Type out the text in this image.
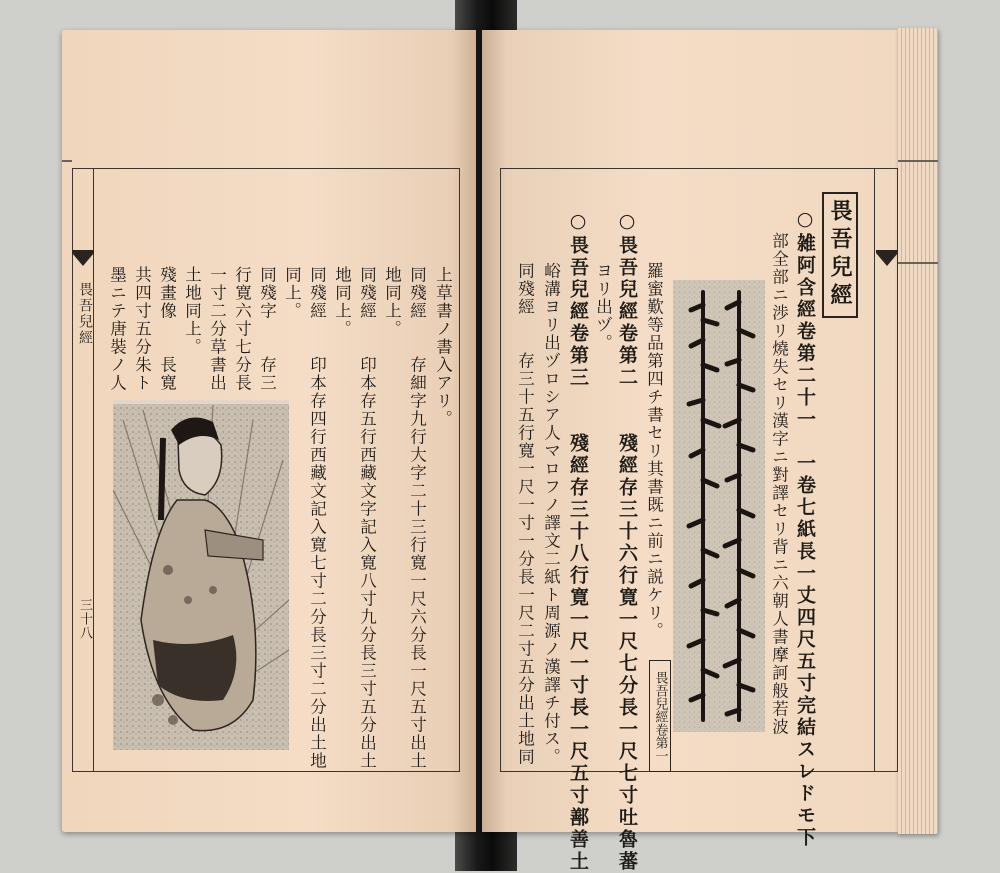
畏吾兒經
三十八
上草書ノ書入アリ。
同殘經　　存細字九行大字二十三行寛一尺六分長一尺五寸出土
地同上。
同殘經　　印本存五行西藏文字記入寛八寸九分長三寸五分出土
地同上。
同殘經　　印本存四行西藏文記入寛七寸二分長三寸二分出土地
同上。
同殘字　　存三
行寛六寸七分長
一寸二分草書出
土地同上。
殘畫像　　長寛
共四寸五分朱ト
墨ニテ唐裝ノ人
畏吾兒經
○雑阿含經卷第二十一　一卷七紙長一丈四尺五寸完結スレドモ下
部全部ニ渉リ燒失セリ漢字ニ對譯セリ背ニ六朝人書摩訶般若波
羅蜜歎等品第四チ書セリ其書既ニ前ニ説ケリ。
○畏吾兒經卷第二　　殘經存三十六行寛一尺七分長一尺七寸吐魯蕃
ヨリ出ヅ。
○畏吾兒經卷第三　　殘經存三十八行寛一尺一寸長一尺五寸鄯善土
峪溝ヨリ出ヅロシア人マロフノ譯文二紙ト周源ノ漢譯チ付ス。
同殘經　　存三十五行寛一尺一寸一分長一尺二寸五分出土地同	畏吾兒經卷第一
